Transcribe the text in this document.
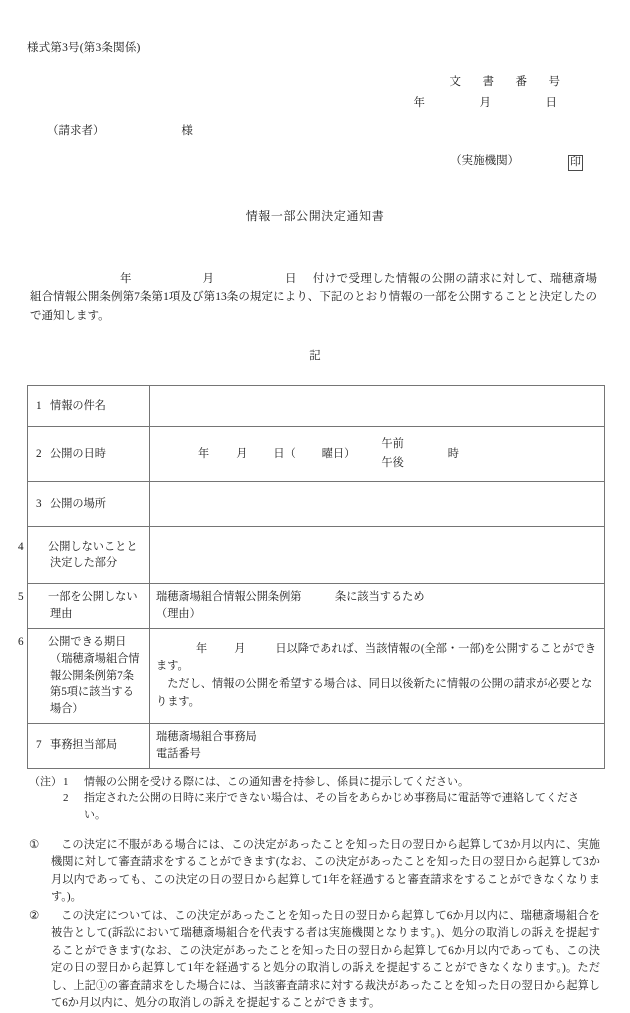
様式第3号(第3条関係)
文　書　番　号
年　　　月　　　日
（請求者）	様
（実施機関）	印
情報一部公開決定通知書
年　　月　　日付けで受理した情報の公開の請求に対して、瑞穂斎場組合情報公開条例第7条第1項及び第13条の規定により、下記のとおり情報の一部を公開することと決定したので通知します。
記
1 情報の件名	

2 公開の日時	年 月 日（ 曜日）
午前
午後
時

3 公開の場所	

4 公開しないことと決定した部分	

5 一部を公開しない理由	瑞穂斎場組合情報公開条例第　　　条に該当するため
（理由）

6 公開できる期日（瑞穂斎場組合情報公開条例第7条第5項に該当する場合）	年 月 日以降であれば、当該情報の(全部・一部)を公開することができます。

ただし、情報の公開を希望する場合は、同日以後新たに情報の公開の請求が必要となります。

7 事務担当部局	瑞穂斎場組合事務局
電話番号
（注） 1	情報の公開を受ける際には、この通知書を持参し、係員に提示してください。
2	指定された公開の日時に来庁できない場合は、その旨をあらかじめ事務局に電話等で連絡してください。
①	この決定に不服がある場合には、この決定があったことを知った日の翌日から起算して3か月以内に、実施機関に対して審査請求をすることができます(なお、この決定があったことを知った日の翌日から起算して3か月以内であっても、この決定の日の翌日から起算して1年を経過すると審査請求をすることができなくなります。)。
②	この決定については、この決定があったことを知った日の翌日から起算して6か月以内に、瑞穂斎場組合を被告として(訴訟において瑞穂斎場組合を代表する者は実施機関となります。)、処分の取消しの訴えを提起することができます(なお、この決定があったことを知った日の翌日から起算して6か月以内であっても、この決定の日の翌日から起算して1年を経過すると処分の取消しの訴えを提起することができなくなります。)。ただし、上記①の審査請求をした場合には、当該審査請求に対する裁決があったことを知った日の翌日から起算して6か月以内に、処分の取消しの訴えを提起することができます。
